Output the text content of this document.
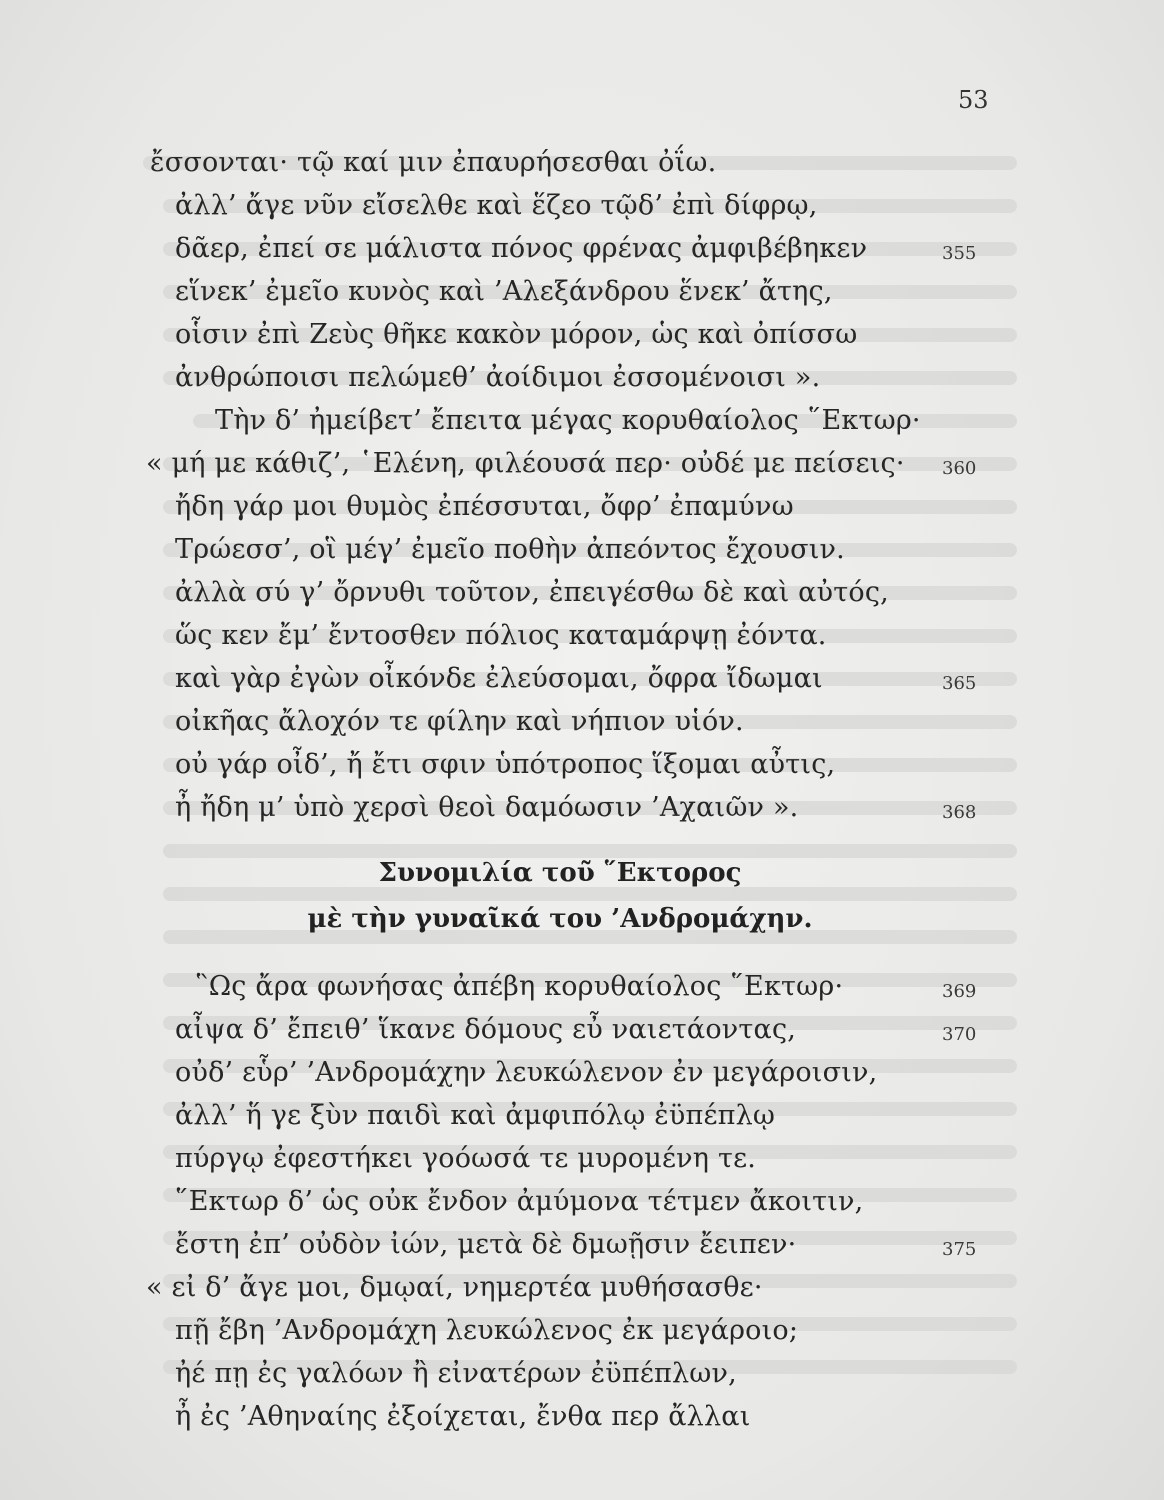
53
ἔσσονται· τῷ καί μιν ἐπαυρήσεσθαι ὀΐω.
ἀλλ’ ἄγε νῦν εἴσελθε καὶ ἕζεο τῷδ’ ἐπὶ δίφρῳ,
δᾶερ, ἐπεί σε μάλιστα πόνος φρένας ἀμφιβέβηκεν	355
εἵνεκ’ ἐμεῖο κυνὸς καὶ ’Αλεξάνδρου ἕνεκ’ ἄτης,
οἷσιν ἐπὶ Ζεὺς θῆκε κακὸν μόρον, ὡς καὶ ὀπίσσω
ἀνθρώποισι πελώμεθ’ ἀοίδιμοι ἐσσομένοισι ».
Τὴν δ’ ἠμείβετ’ ἔπειτα μέγας κορυθαίολος ῞Εκτωρ·
« μή με κάθιζ’, ῾Ελένη, φιλέουσά περ· οὐδέ με πείσεις· 360
ἤδη γάρ μοι θυμὸς ἐπέσσυται, ὄφρ’ ἐπαμύνω
Τρώεσσ’, οἳ μέγ’ ἐμεῖο ποθὴν ἀπεόντος ἔχουσιν.
ἀλλὰ σύ γ’ ὄρνυθι τοῦτον, ἐπειγέσθω δὲ καὶ αὐτός,
ὥς κεν ἔμ’ ἔντοσθεν πόλιος καταμάρψῃ ἐόντα.
καὶ γὰρ ἐγὼν οἶκόνδε ἐλεύσομαι, ὄφρα ἴδωμαι	365
οἰκῆας ἄλοχόν τε φίλην καὶ νήπιον υἱόν.
οὐ γάρ οἶδ’, ἤ ἔτι σφιν ὑπότροπος ἵξομαι αὖτις,
ἦ ἤδη μ’ ὑπὸ χερσὶ θεοὶ δαμόωσιν ’Αχαιῶν ».	368
Συνομιλία τοῦ ῞Εκτορος
μὲ τὴν γυναῖκά του ’Ανδρομάχην.
῝Ως ἄρα φωνήσας ἀπέβη κορυθαίολος ῞Εκτωρ·	369
αἶψα δ’ ἔπειθ’ ἵκανε δόμους εὖ ναιετάοντας,	370
οὐδ’ εὗρ’ ’Ανδρομάχην λευκώλενον ἐν μεγάροισιν,
ἀλλ’ ἥ γε ξὺν παιδὶ καὶ ἀμφιπόλῳ ἐϋπέπλῳ
πύργῳ ἐφεστήκει γοόωσά τε μυρομένη τε.
῞Εκτωρ δ’ ὡς οὐκ ἔνδον ἀμύμονα τέτμεν ἄκοιτιν,
ἔστη ἐπ’ οὐδὸν ἰών, μετὰ δὲ δμωῇσιν ἔειπεν·	375
« εἰ δ’ ἄγε μοι, δμῳαί, νημερτέα μυθήσασθε·
πῇ ἔβη ’Ανδρομάχη λευκώλενος ἐκ μεγάροιο;
ἠέ πῃ ἐς γαλόων ἢ εἰνατέρων ἐϋπέπλων,
ἦ ἐς ’Αθηναίης ἐξοίχεται, ἔνθα περ ἄλλαι
